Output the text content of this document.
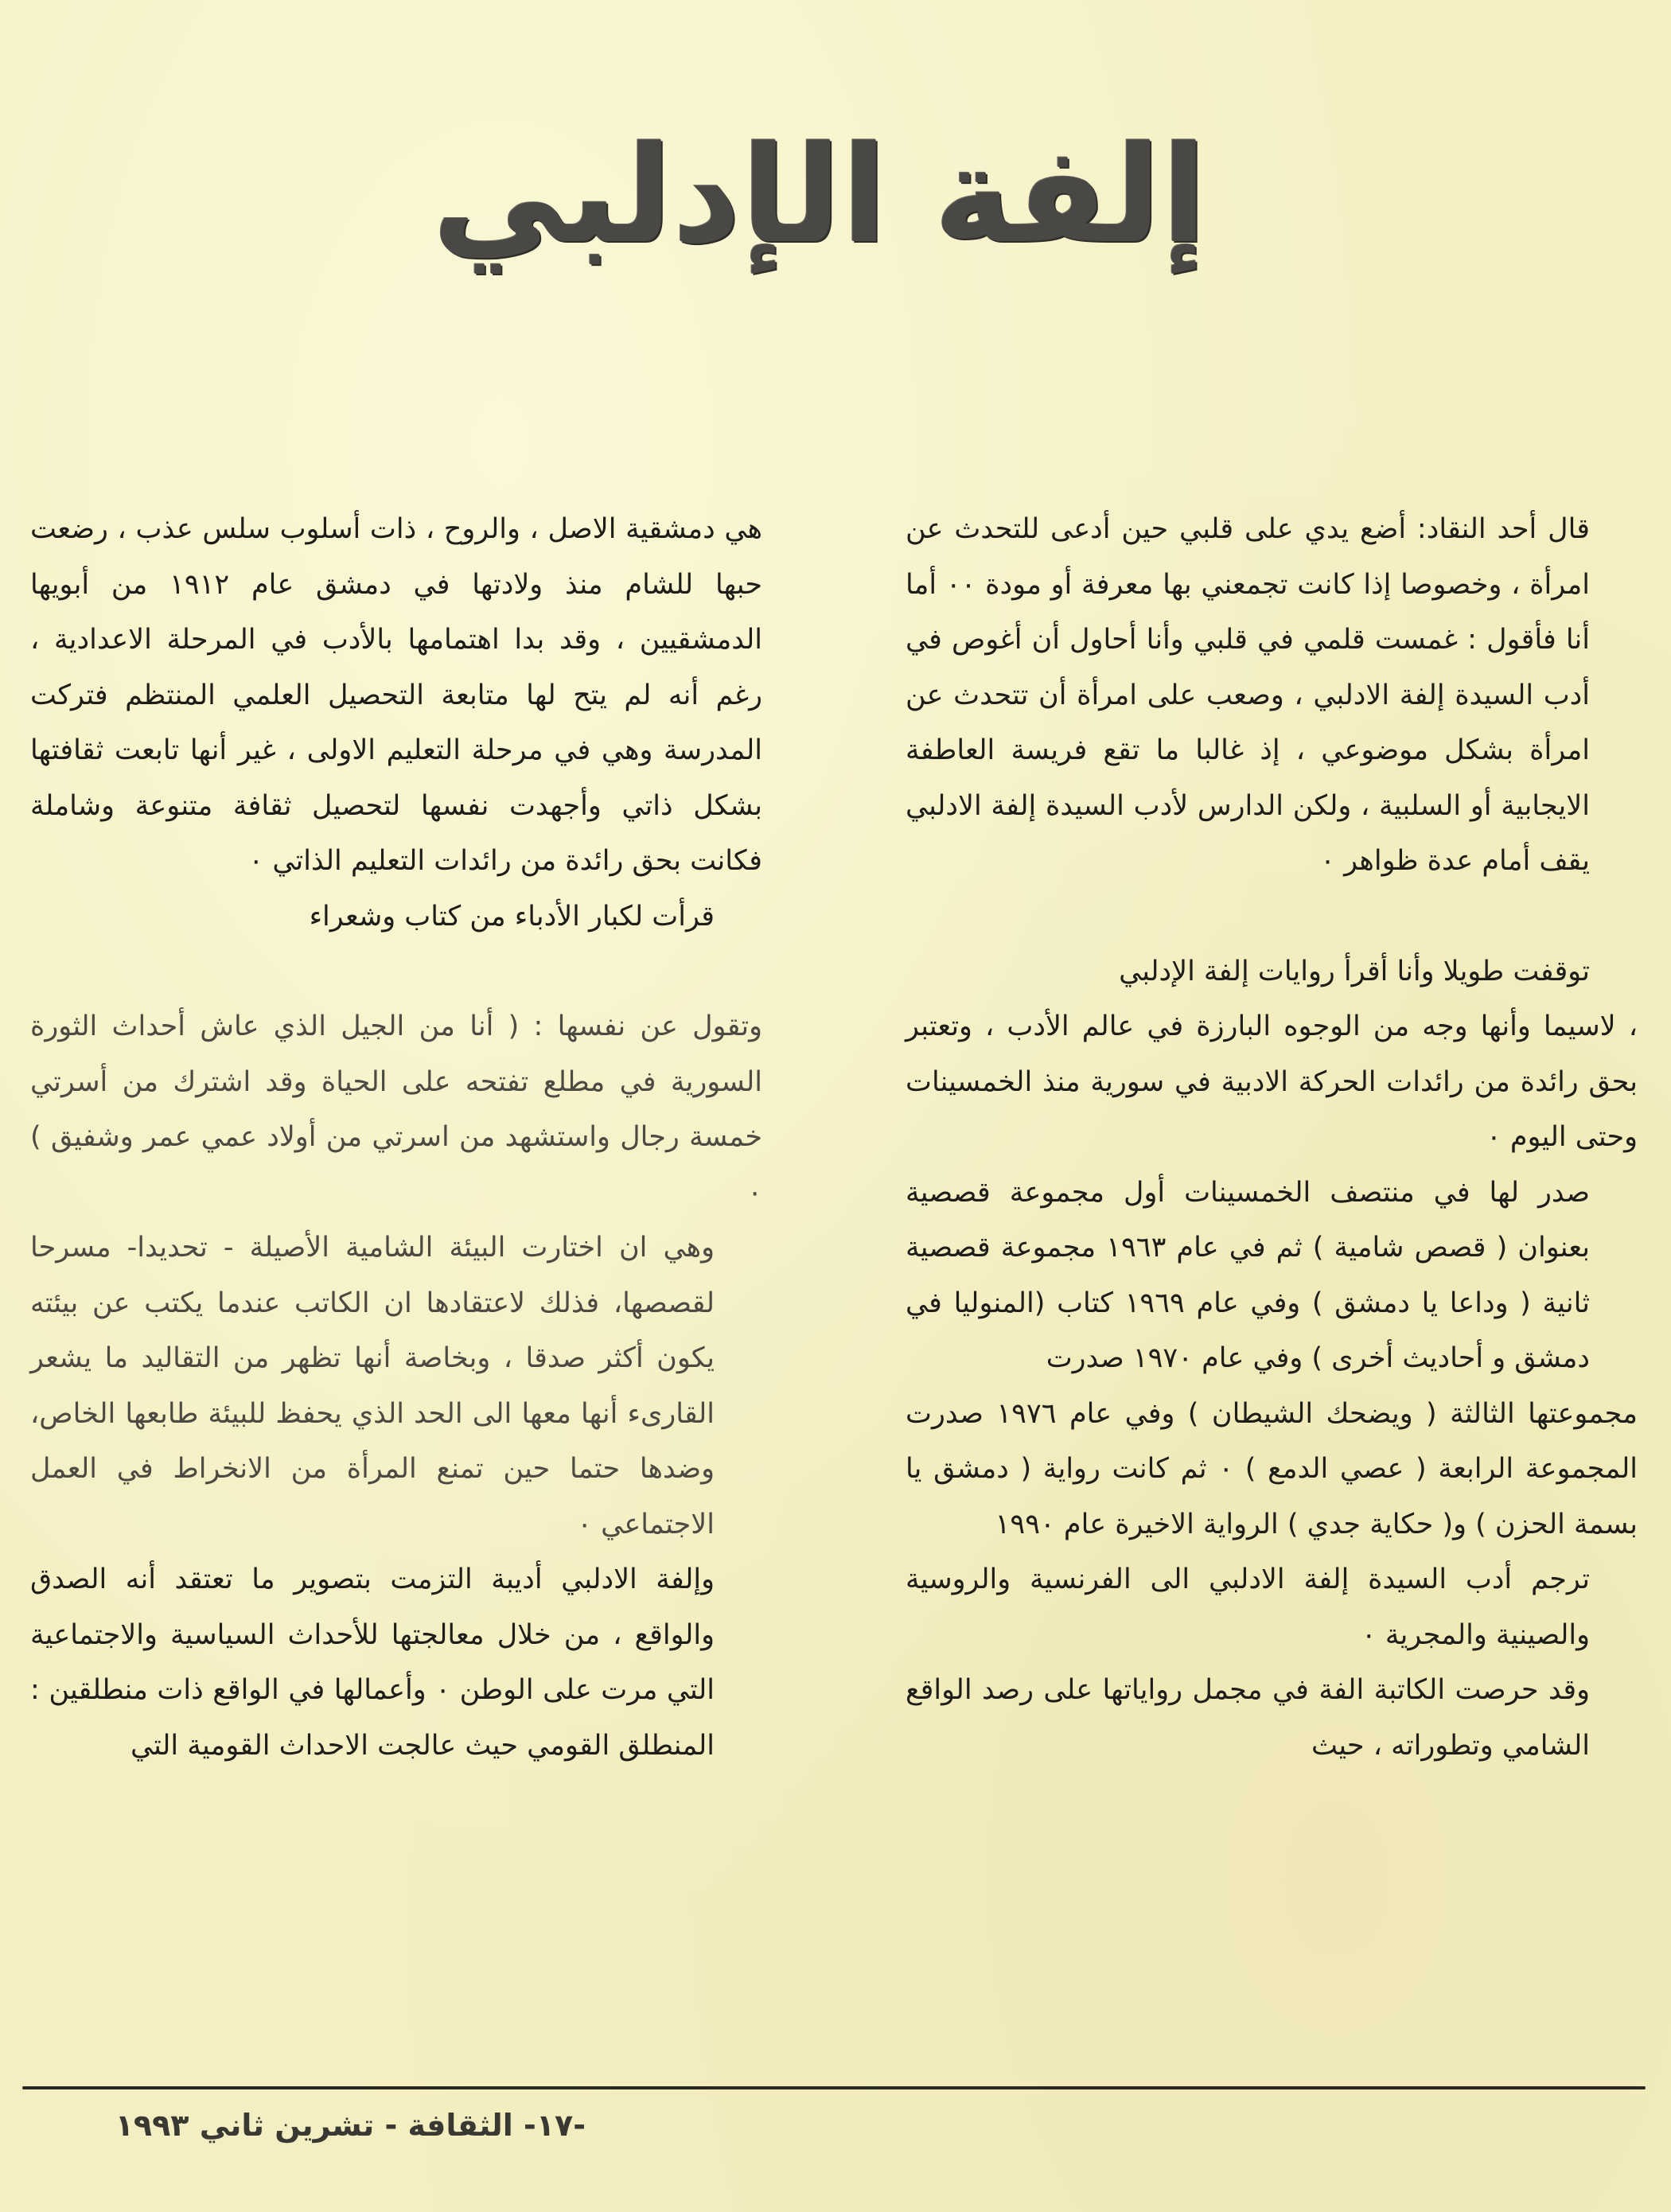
إلفة الإدلبي

قال أحد النقاد: أضع يدي على قلبي حين أدعى للتحدث عن امرأة ، وخصوصا إذا كانت تجمعني بها معرفة أو مودة ٠٠ أما أنا فأقول : غمست قلمي في قلبي وأنا أحاول أن أغوص في أدب السيدة إلفة الادلبي ، وصعب على امرأة أن تتحدث عن امرأة بشكل موضوعي ، إذ غالبا ما تقع فريسة العاطفة الايجابية أو السلبية ، ولكن الدارس لأدب السيدة إلفة الادلبي يقف أمام عدة ظواهر ٠

توقفت طويلا وأنا أقرأ روايات إلفة الإدلبي

، لاسيما وأنها وجه من الوجوه البارزة في عالم الأدب ، وتعتبر بحق رائدة من رائدات الحركة الادبية في سورية منذ الخمسينات وحتى اليوم ٠

صدر لها في منتصف الخمسينات أول مجموعة قصصية بعنوان ( قصص شامية ) ثم في عام ١٩٦٣ مجموعة قصصية ثانية ( وداعا يا دمشق ) وفي عام ١٩٦٩ كتاب (المنوليا في دمشق و أحاديث أخرى ) وفي عام ١٩٧٠ صدرت

مجموعتها الثالثة ( ويضحك الشيطان ) وفي عام ١٩٧٦ صدرت المجموعة الرابعة ( عصي الدمع ) ٠ ثم كانت رواية ( دمشق يا بسمة الحزن ) و( حكاية جدي ) الرواية الاخيرة عام ١٩٩٠

ترجم أدب السيدة إلفة الادلبي الى الفرنسية والروسية والصينية والمجرية ٠

وقد حرصت الكاتبة الفة في مجمل رواياتها على رصد الواقع الشامي وتطوراته ، حيث

هي دمشقية الاصل ، والروح ، ذات أسلوب سلس عذب ، رضعت حبها للشام منذ ولادتها في دمشق عام ١٩١٢ من أبويها الدمشقيين ، وقد بدا اهتمامها بالأدب في المرحلة الاعدادية ، رغم أنه لم يتح لها متابعة التحصيل العلمي المنتظم فتركت المدرسة وهي في مرحلة التعليم الاولى ، غير أنها تابعت ثقافتها بشكل ذاتي وأجهدت نفسها لتحصيل ثقافة متنوعة وشاملة فكانت بحق رائدة من رائدات التعليم الذاتي ٠

قرأت لكبار الأدباء من كتاب وشعراء

وتقول عن نفسها : ( أنا من الجيل الذي عاش أحداث الثورة السورية في مطلع تفتحه على الحياة وقد اشترك من أسرتي خمسة رجال واستشهد من اسرتي من أولاد عمي عمر وشفيق ) ٠

وهي ان اختارت البيئة الشامية الأصيلة - تحديدا- مسرحا لقصصها، فذلك لاعتقادها ان الكاتب عندما يكتب عن بيئته يكون أكثر صدقا ، وبخاصة أنها تظهر من التقاليد ما يشعر القارىء أنها معها الى الحد الذي يحفظ للبيئة طابعها الخاص، وضدها حتما حين تمنع المرأة من الانخراط في العمل الاجتماعي ٠

وإلفة الادلبي أديبة التزمت بتصوير ما تعتقد أنه الصدق والواقع ، من خلال معالجتها للأحداث السياسية والاجتماعية التي مرت على الوطن ٠ وأعمالها في الواقع ذات منطلقين : المنطلق القومي حيث عالجت الاحداث القومية التي

-١٧- الثقافة - تشرين ثاني ١٩٩٣
